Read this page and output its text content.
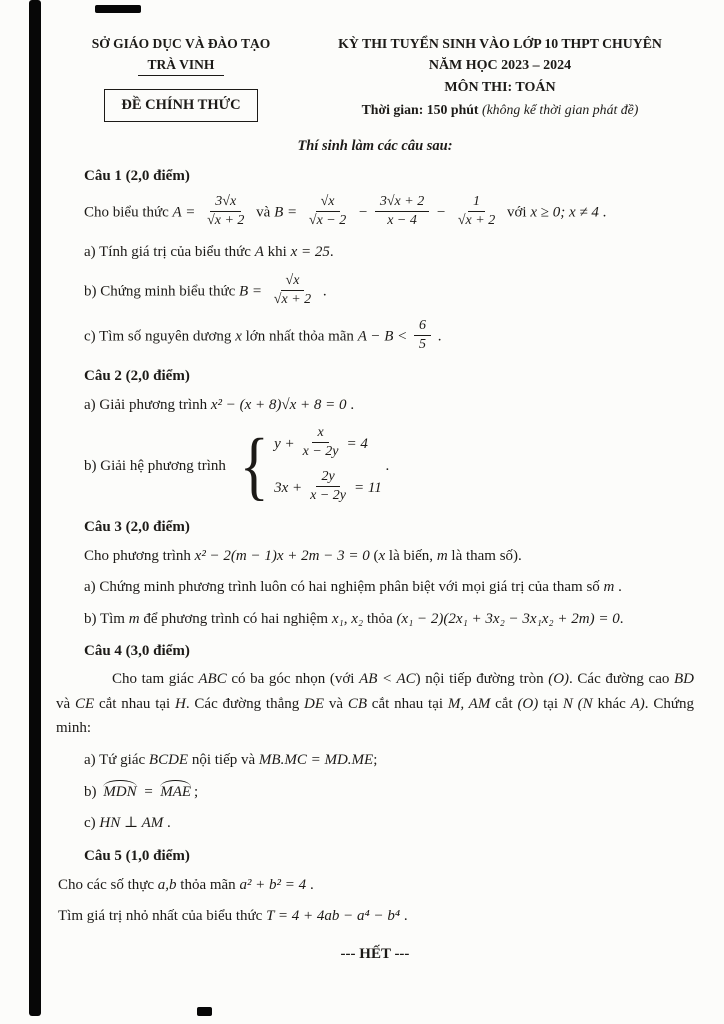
SỞ GIÁO DỤC VÀ ĐÀO TẠO
TRÀ VINH
ĐỀ CHÍNH THỨC
KỲ THI TUYỂN SINH VÀO LỚP 10 THPT CHUYÊN
NĂM HỌC 2023 – 2024
MÔN THI: TOÁN
Thời gian: 150 phút (không kể thời gian phát đề)
Thí sinh làm các câu sau:
Câu 1 (2,0 điểm)
Cho biểu thức $A = \frac{3√x}{√x + 2}$ và $B = \frac{√x}{√x - 2} - \frac{3√x + 2}{x - 4} - \frac{1}{√x + 2}$ với x ≥ 0; x ≠ 4 .
a) Tính giá trị của biểu thức A khi x = 25.
b) Chứng minh biểu thức $B = \frac{√x}{√x + 2}$ .
c) Tìm số nguyên dương x lớn nhất thỏa mãn $A - B < \frac{6}{5}$ .
Câu 2 (2,0 điểm)
a) Giải phương trình x² − (x + 8)√x + 8 = 0 .
b) Giải hệ phương trình { $y + \frac{x}{x - 2y} = 4$
$3x + \frac{2y}{x - 2y} = 11$
.
Câu 3 (2,0 điểm)
Cho phương trình x² − 2(m − 1)x + 2m − 3 = 0 (x là biến, m là tham số).
a) Chứng minh phương trình luôn có hai nghiệm phân biệt với mọi giá trị của tham số m .
b) Tìm m để phương trình có hai nghiệm x₁, x₂ thỏa (x₁ − 2)(2x₁ + 3x₂ − 3x₁x₂ + 2m) = 0.
Câu 4 (3,0 điểm)
Cho tam giác ABC có ba góc nhọn (với AB < AC) nội tiếp đường tròn (O). Các đường cao BD và CE cắt nhau tại H. Các đường thẳng DE và CB cắt nhau tại M, AM cắt (O) tại N (N khác A). Chứng minh:
a) Tứ giác BCDE nội tiếp và MB.MC = MD.ME;
b) MDN = MAE ;
c) HN ⊥ AM .
Câu 5 (1,0 điểm)
Cho các số thực a,b thỏa mãn a² + b² = 4 .
Tìm giá trị nhỏ nhất của biểu thức T = 4 + 4ab − a⁴ − b⁴ .
--- HẾT ---
